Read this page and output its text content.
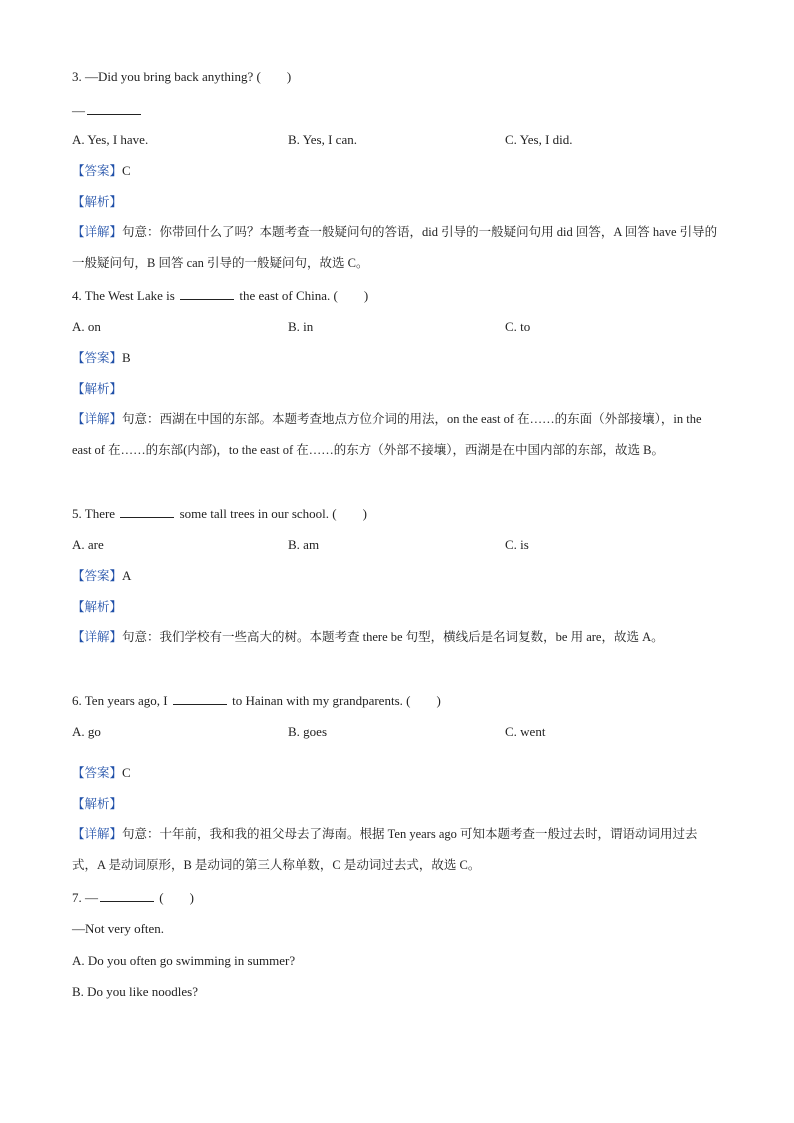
3. —Did you bring back anything? (　　)
—
A. Yes, I have.	B. Yes, I can.	C. Yes, I did.
【答案】C
【解析】
【详解】句意：你带回什么了吗？本题考查一般疑问句的答语，did 引导的一般疑问句用 did 回答，A 回答 have 引导的一般疑问句，B 回答 can 引导的一般疑问句，故选 C。
4. The West Lake is	the east of China. (　　)
A. on	B. in	C. to
【答案】B
【解析】
【详解】句意：西湖在中国的东部。本题考查地点方位介词的用法，on the east of 在……的东面（外部接壤），in the east of 在……的东部(内部)，to the east of 在……的东方（外部不接壤），西湖是在中国内部的东部，故选 B。
5. There	some tall trees in our school. (　　)
A. are	B. am	C. is
【答案】A
【解析】
【详解】句意：我们学校有一些高大的树。本题考查 there be 句型，横线后是名词复数，be 用 are，故选 A。
6. Ten years ago, I	to Hainan with my grandparents. (　　)
A. go	B. goes	C. went
【答案】C
【解析】
【详解】句意：十年前，我和我的祖父母去了海南。根据 Ten years ago 可知本题考查一般过去时，谓语动词用过去式，A 是动词原形，B 是动词的第三人称单数，C 是动词过去式，故选 C。
7. —	(　　)
—Not very often.
A. Do you often go swimming in summer?
B. Do you like noodles?
